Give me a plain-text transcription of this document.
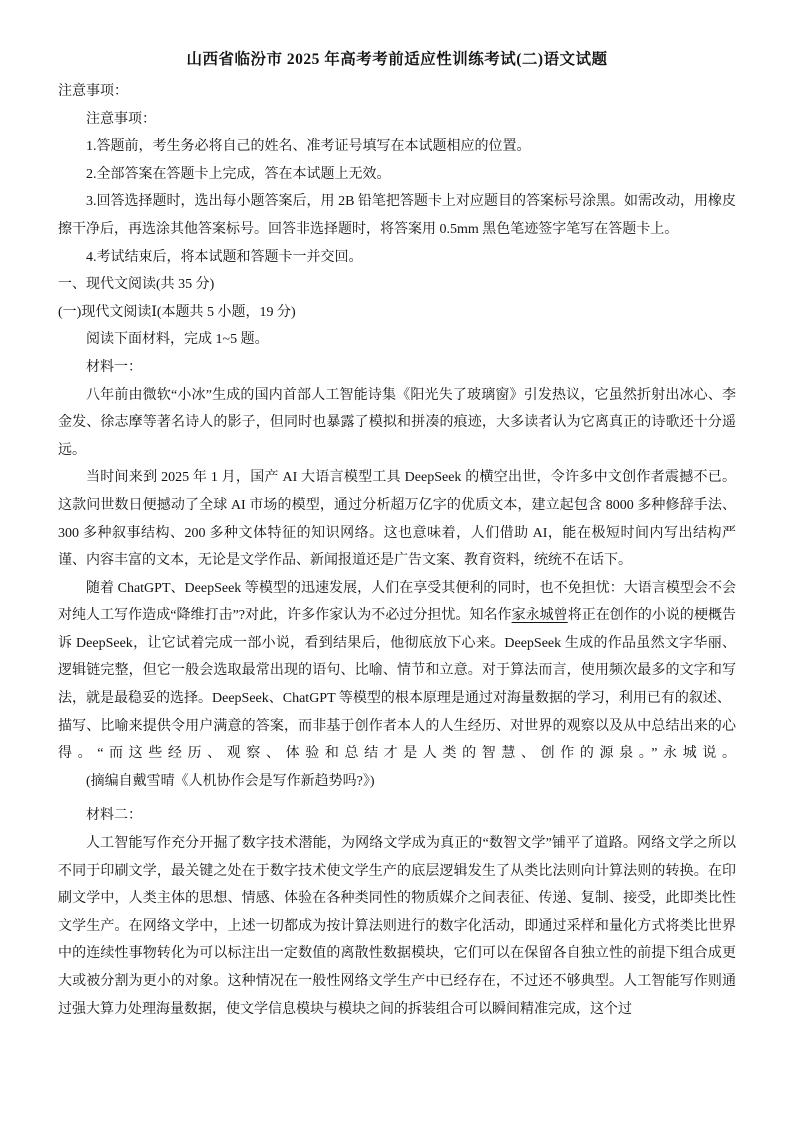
山西省临汾市 2025 年高考考前适应性训练考试(二)语文试题

注意事项：

注意事项：

1.答题前，考生务必将自己的姓名、准考证号填写在本试题相应的位置。

2.全部答案在答题卡上完成，答在本试题上无效。

3.回答选择题时，选出每小题答案后，用 2B 铅笔把答题卡上对应题目的答案标号涂黑。如需改动，用橡皮擦干净后，再选涂其他答案标号。回答非选择题时，将答案用 0.5mm 黑色笔迹签字笔写在答题卡上。

4.考试结束后，将本试题和答题卡一并交回。

一、现代文阅读(共 35 分)

(一)现代文阅读Ⅰ(本题共 5 小题，19 分)

阅读下面材料，完成 1~5 题。

材料一：

八年前由微软“小冰”生成的国内首部人工智能诗集《阳光失了玻璃窗》引发热议，它虽然折射出冰心、李金发、徐志摩等著名诗人的影子，但同时也暴露了模拟和拼凑的痕迹，大多读者认为它离真正的诗歌还十分遥远。

当时间来到 2025 年 1 月，国产 AI 大语言模型工具 DeepSeek 的横空出世，令许多中文创作者震撼不已。这款问世数日便撼动了全球 AI 市场的模型，通过分析超万亿字的优质文本，建立起包含 8000 多种修辞手法、300 多种叙事结构、200 多种文体特征的知识网络。这也意味着，人们借助 AI，能在极短时间内写出结构严谨、内容丰富的文本，无论是文学作品、新闻报道还是广告文案、教育资料，统统不在话下。

随着 ChatGPT、DeepSeek 等模型的迅速发展，人们在享受其便利的同时，也不免担忧：大语言模型会不会对纯人工写作造成“降维打击”?对此，许多作家认为不必过分担忧。知名作家永城曾将正在创作的小说的梗概告诉 DeepSeek，让它试着完成一部小说，看到结果后，他彻底放下心来。DeepSeek 生成的作品虽然文字华丽、逻辑链完整，但它一般会选取最常出现的语句、比喻、情节和立意。对于算法而言，使用频次最多的文字和写法，就是最稳妥的选择。DeepSeek、ChatGPT 等模型的根本原理是通过对海量数据的学习，利用已有的叙述、

描写、比喻来提供令用户满意的答案，而非基于创作者本人的人生经历、对世界的观察以及从中总结出来的心得。“而这些经历、观察、体验和总结才是人类的智慧、创作的源泉。”永城说。

(摘编自戴雪晴《人机协作会是写作新趋势吗?》)

材料二：

人工智能写作充分开掘了数字技术潜能，为网络文学成为真正的“数智文学”铺平了道路。网络文学之所以不同于印刷文学，最关键之处在于数字技术使文学生产的底层逻辑发生了从类比法则向计算法则的转换。在印刷文学中，人类主体的思想、情感、体验在各种类同性的物质媒介之间表征、传递、复制、接受，此即类比性文学生产。在网络文学中，上述一切都成为按计算法则进行的数字化活动，即通过采样和量化方式将类比世界中的连续性事物转化为可以标注出一定数值的离散性数据模块，它们可以在保留各自独立性的前提下组合成更大或被分割为更小的对象。这种情况在一般性网络文学生产中已经存在，不过还不够典型。人工智能写作则通过强大算力处理海量数据，使文学信息模块与模块之间的拆装组合可以瞬间精准完成，这个过
